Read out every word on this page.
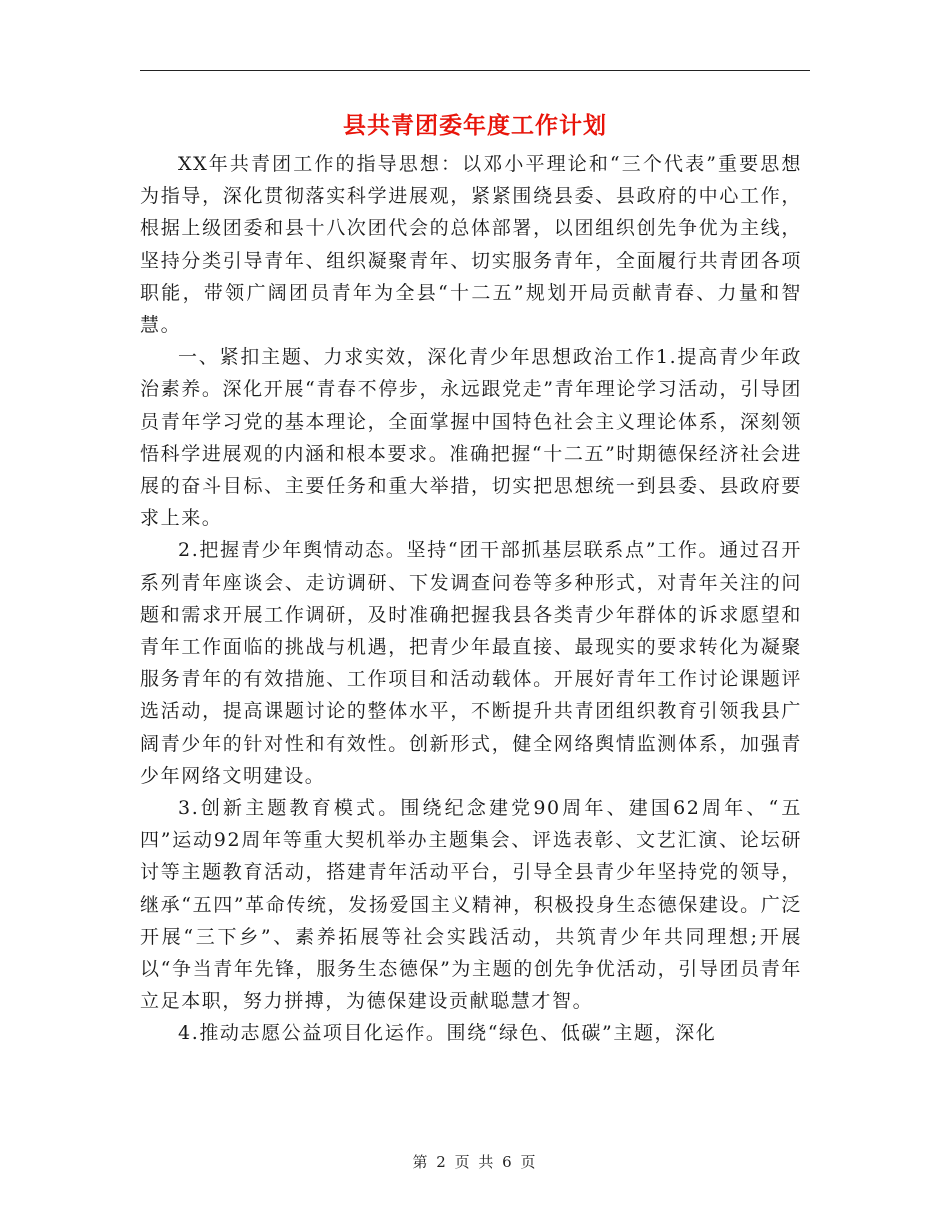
县共青团委年度工作计划

XX年共青团工作的指导思想：以邓小平理论和“三个代表”重要思想为指导，深化贯彻落实科学进展观，紧紧围绕县委、县政府的中心工作，根据上级团委和县十八次团代会的总体部署，以团组织创先争优为主线，坚持分类引导青年、组织凝聚青年、切实服务青年，全面履行共青团各项职能，带领广阔团员青年为全县“十二五”规划开局贡献青春、力量和智慧。

一、紧扣主题、力求实效，深化青少年思想政治工作1.提高青少年政治素养。深化开展“青春不停步，永远跟党走”青年理论学习活动，引导团员青年学习党的基本理论，全面掌握中国特色社会主义理论体系，深刻领悟科学进展观的内涵和根本要求。准确把握“十二五”时期德保经济社会进展的奋斗目标、主要任务和重大举措，切实把思想统一到县委、县政府要求上来。

2.把握青少年舆情动态。坚持“团干部抓基层联系点”工作。通过召开系列青年座谈会、走访调研、下发调查问卷等多种形式，对青年关注的问题和需求开展工作调研，及时准确把握我县各类青少年群体的诉求愿望和青年工作面临的挑战与机遇，把青少年最直接、最现实的要求转化为凝聚服务青年的有效措施、工作项目和活动载体。开展好青年工作讨论课题评选活动，提高课题讨论的整体水平，不断提升共青团组织教育引领我县广阔青少年的针对性和有效性。创新形式，健全网络舆情监测体系，加强青少年网络文明建设。

3.创新主题教育模式。围绕纪念建党90周年、建国62周年、“五四”运动92周年等重大契机举办主题集会、评选表彰、文艺汇演、论坛研讨等主题教育活动，搭建青年活动平台，引导全县青少年坚持党的领导，继承“五四”革命传统，发扬爱国主义精神，积极投身生态德保建设。广泛开展“三下乡”、素养拓展等社会实践活动，共筑青少年共同理想;开展以“争当青年先锋，服务生态德保”为主题的创先争优活动，引导团员青年立足本职，努力拼搏，为德保建设贡献聪慧才智。

4.推动志愿公益项目化运作。围绕“绿色、低碳”主题，深化

第 2 页 共 6 页
